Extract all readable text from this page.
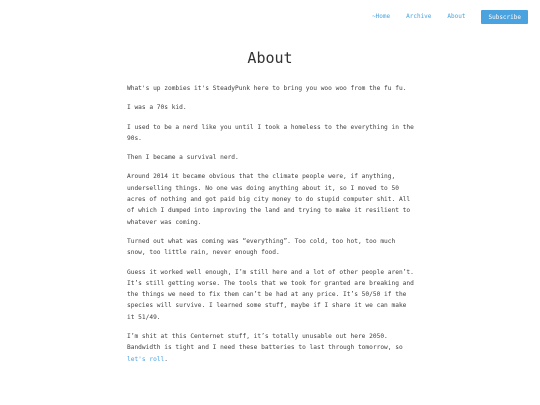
~Home	Archive	About	Subscribe
About

What's up zombies it's SteadyPunk here to bring you woo woo from the fu fu.

I was a 70s kid.

I used to be a nerd like you until I took a homeless to the everything in the 90s.

Then I became a survival nerd.

Around 2014 it became obvious that the climate people were, if anything, underselling things. No one was doing anything about it, so I moved to 50 acres of nothing and got paid big city money to do stupid computer shit. All of which I dumped into improving the land and trying to make it resilient to whatever was coming.

Turned out what was coming was “everything”. Too cold, too hot, too much snow, too little rain, never enough food.

Guess it worked well enough, I’m still here and a lot of other people aren’t. It’s still getting worse. The tools that we took for granted are breaking and the things we need to fix them can’t be had at any price. It’s 50/50 if the species will survive. I learned some stuff, maybe if I share it we can make it 51/49.

I’m shit at this Centernet stuff, it’s totally unusable out here 2050. Bandwidth is tight and I need these batteries to last through tomorrow, so let's roll.
